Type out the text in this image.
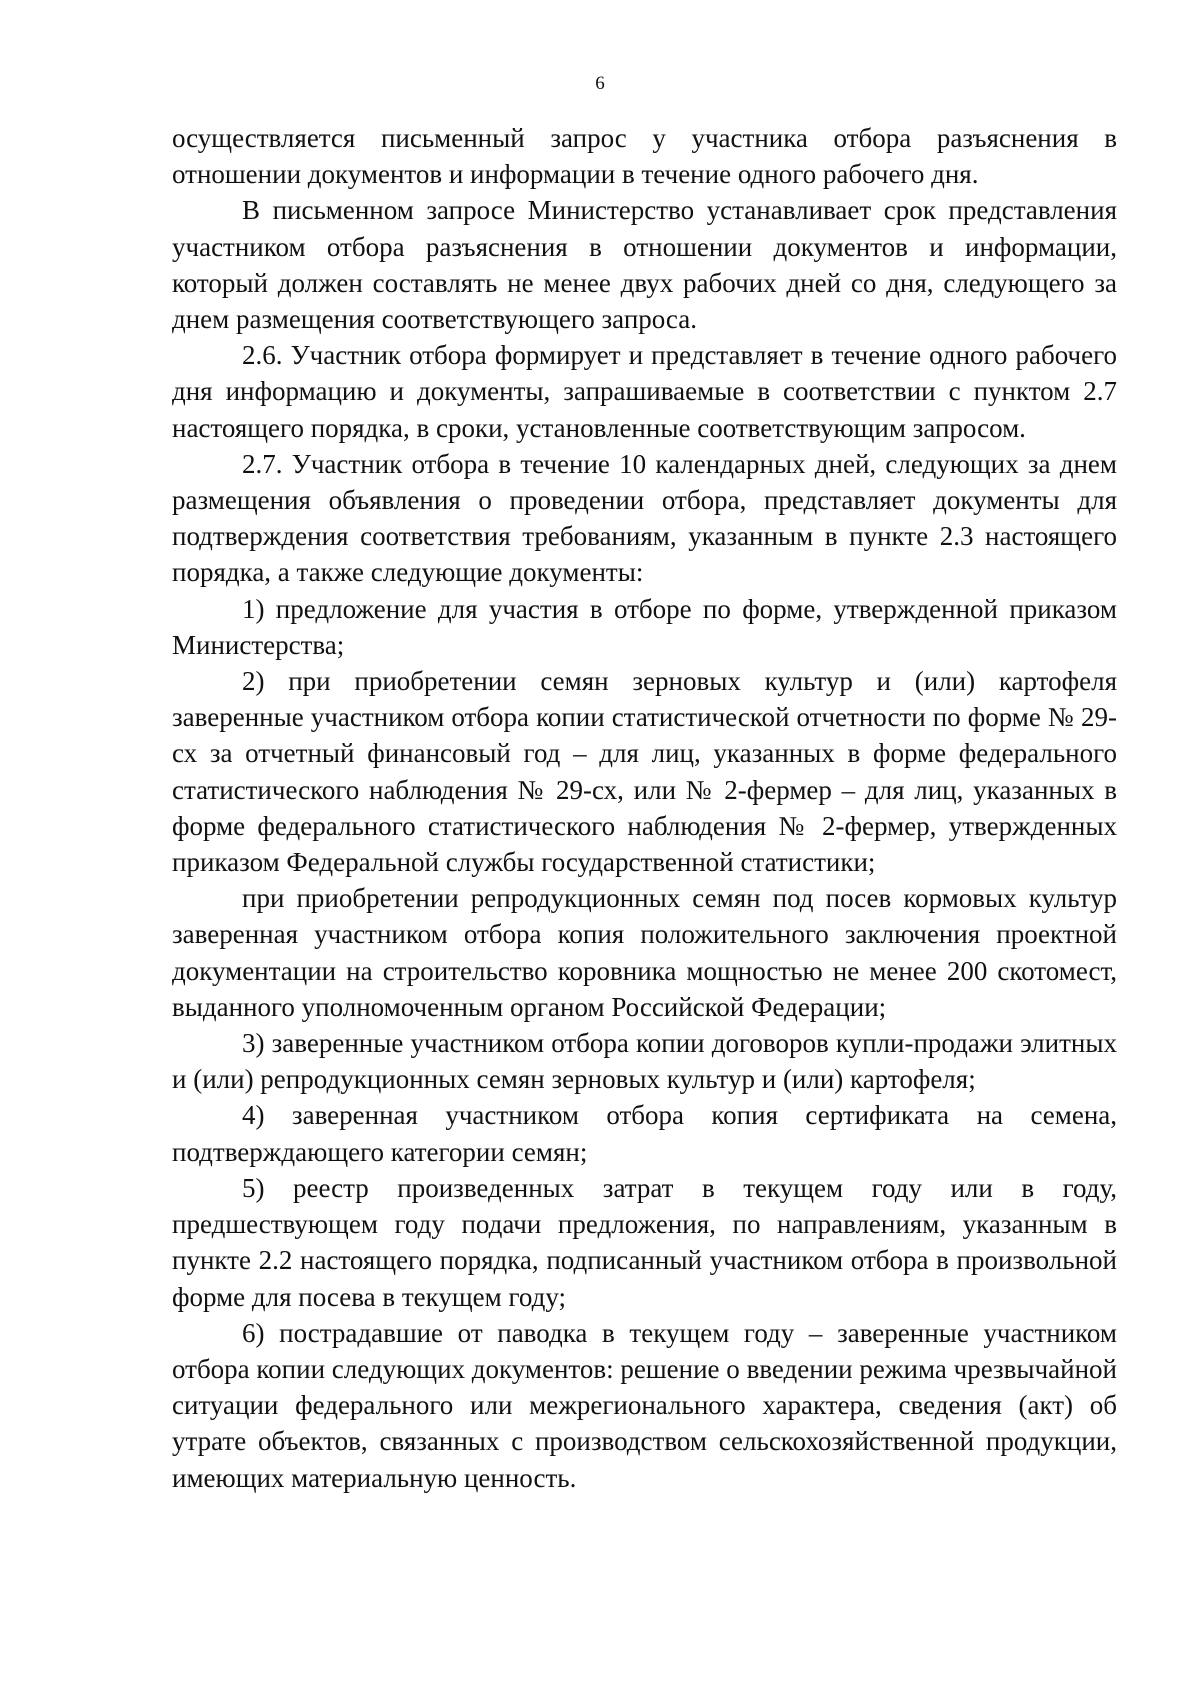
6

осуществляется письменный запрос у участника отбора разъяснения в отношении документов и информации в течение одного рабочего дня.

В письменном запросе Министерство устанавливает срок представления участником отбора разъяснения в отношении документов и информации, который должен составлять не менее двух рабочих дней со дня, следующего за днем размещения соответствующего запроса.

2.6. Участник отбора формирует и представляет в течение одного рабочего дня информацию и документы, запрашиваемые в соответствии с пунктом 2.7 настоящего порядка, в сроки, установленные соответствующим запросом.

2.7. Участник отбора в течение 10 календарных дней, следующих за днем размещения объявления о проведении отбора, представляет документы для подтверждения соответствия требованиям, указанным в пункте 2.3 настоящего порядка, а также следующие документы:

1) предложение для участия в отборе по форме, утвержденной приказом Министерства;

2) при приобретении семян зерновых культур и (или) картофеля заверенные участником отбора копии статистической отчетности по форме № 29-сх за отчетный финансовый год – для лиц, указанных в форме федерального статистического наблюдения № 29-сх, или № 2-фермер – для лиц, указанных в форме федерального статистического наблюдения № 2-фермер, утвержденных приказом Федеральной службы государственной статистики;

при приобретении репродукционных семян под посев кормовых культур заверенная участником отбора копия положительного заключения проектной документации на строительство коровника мощностью не менее 200 скотомест, выданного уполномоченным органом Российской Федерации;

3) заверенные участником отбора копии договоров купли-продажи элитных и (или) репродукционных семян зерновых культур и (или) картофеля;

4) заверенная участником отбора копия сертификата на семена, подтверждающего категории семян;

5) реестр произведенных затрат в текущем году или в году, предшествующем году подачи предложения, по направлениям, указанным в пункте 2.2 настоящего порядка, подписанный участником отбора в произвольной форме для посева в текущем году;

6) пострадавшие от паводка в текущем году – заверенные участником отбора копии следующих документов: решение о введении режима чрезвычайной ситуации федерального или межрегионального характера, сведения (акт) об утрате объектов, связанных с производством сельскохозяйственной продукции, имеющих материальную ценность.
